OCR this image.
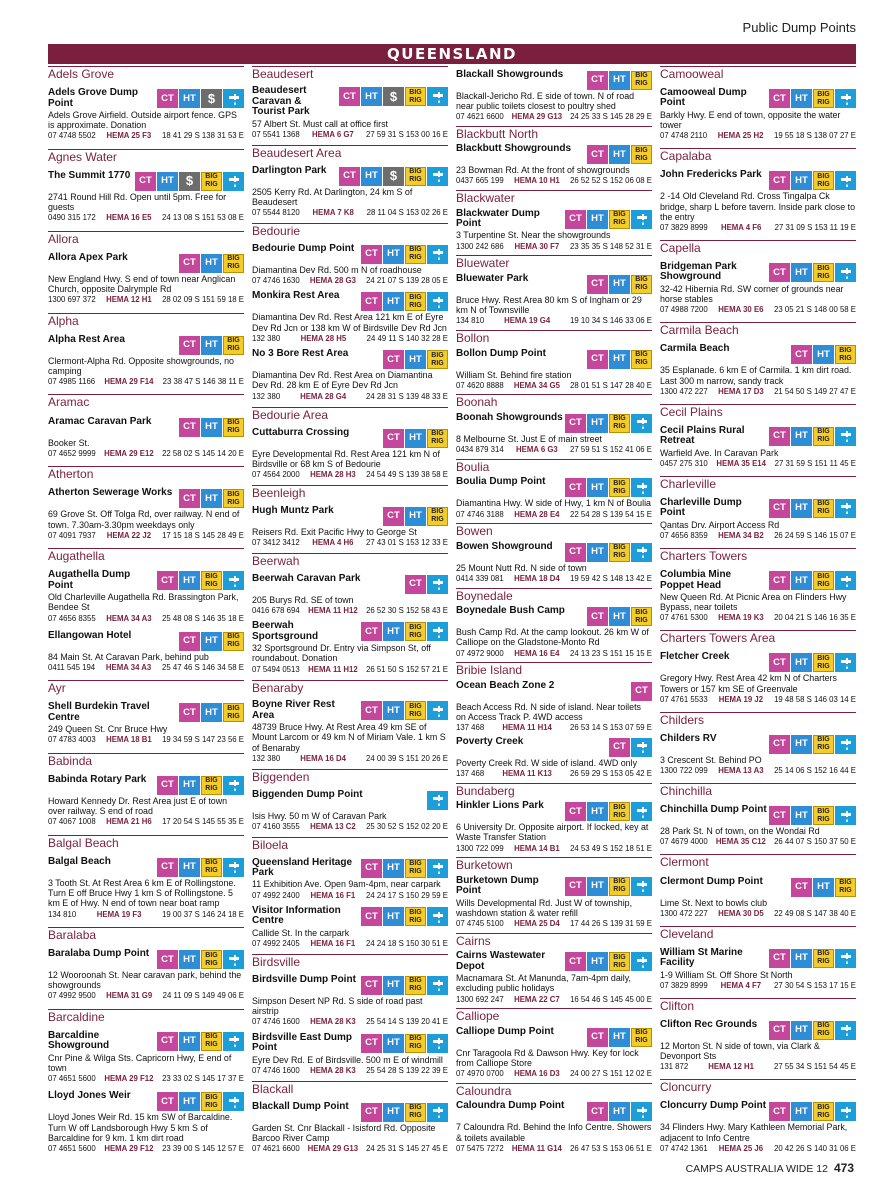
Public Dump Points
QUEENSLAND
Adels Grove
Adels Grove Dump Point	CT HT $
Adels Grove Airfield. Outside airport fence. GPS is approximate. Donation
07 4748 5502 HEMA 25 F3 18 41 29 S 138 31 53 E
Agnes Water
The Summit 1770 CT HT $	BIG
RIG
2741 Round Hill Rd. Open until 5pm. Free for guests
0490 315 172 HEMA 16 E5 24 13 08 S 151 53 08 E
Allora
Allora Apex Park	CT HT	BIG
RIG
New England Hwy. S end of town near Anglican Church, opposite Dalrymple Rd
1300 697 372 HEMA 12 H1 28 02 09 S 151 59 18 E
Alpha
Alpha Rest Area	CT HT	BIG
RIG
Clermont-Alpha Rd. Opposite showgrounds, no camping
07 4985 1166 HEMA 29 F14 23 38 47 S 146 38 11 E
Aramac
Aramac Caravan Park	CT HT	BIG
RIG
Booker St.
07 4652 9999 HEMA 29 E12 22 58 02 S 145 14 20 E
Atherton
Atherton Sewerage Works	CT HT	BIG
RIG
69 Grove St. Off Tolga Rd, over railway. N end of town. 7.30am-3.30pm weekdays only
07 4091 7937 HEMA 22 J2 17 15 18 S 145 28 49 E
Augathella
Augathella Dump Point	CT HT	BIG
RIG
Old Charleville Augathella Rd. Brassington Park, Bendee St
07 4656 8355 HEMA 34 A3 25 48 08 S 146 35 18 E
Ellangowan Hotel	CT HT	BIG
RIG
84 Main St. At Caravan Park, behind pub
0411 545 194 HEMA 34 A3 25 47 46 S 146 34 58 E
Ayr
Shell Burdekin Travel Centre	CT HT	BIG
RIG
249 Queen St. Cnr Bruce Hwy
07 4783 4003 HEMA 18 B1 19 34 59 S 147 23 56 E
Babinda
Babinda Rotary Park	CT HT	BIG
RIG
Howard Kennedy Dr. Rest Area just E of town over railway. S end of road
07 4067 1008 HEMA 21 H6 17 20 54 S 145 55 35 E
Balgal Beach
Balgal Beach	CT HT	BIG
RIG
3 Tooth St. At Rest Area 6 km E of Rollingstone. Turn E off Bruce Hwy 1 km S of Rollingstone. 5 km E of Hwy. N end of town near boat ramp
134 810	HEMA 19 F3	19 00 37 S 146 24 18 E
Baralaba
Baralaba Dump Point	CT HT	BIG
RIG
12 Wooroonah St. Near caravan park, behind the showgrounds
07 4992 9500 HEMA 31 G9 24 11 09 S 149 49 06 E
Barcaldine
Barcaldine Showground	CT HT	BIG
RIG
Cnr Pine & Wilga Sts. Capricorn Hwy, E end of town
07 4651 5600 HEMA 29 F12 23 33 02 S 145 17 37 E
Lloyd Jones Weir	CT HT	BIG
RIG
Lloyd Jones Weir Rd. 15 km SW of Barcaldine. Turn W off Landsborough Hwy 5 km S of Barcaldine for 9 km. 1 km dirt road
07 4651 5600 HEMA 29 F12 23 39 00 S 145 12 57 E
Beaudesert
Beaudesert Caravan & Tourist Park
CT HT $	BIG
RIG
57 Albert St. Must call at office first
07 5541 1368 HEMA 6 G7 27 59 31 S 153 00 16 E
Beaudesert Area
Darlington Park	CT HT $	BIG
RIG
2505 Kerry Rd. At Darlington, 24 km S of Beaudesert
07 5544 8120 HEMA 7 K8 28 11 04 S 153 02 26 E
Bedourie
Bedourie Dump Point	CT HT	BIG
RIG
Diamantina Dev Rd. 500 m N of roadhouse
07 4746 1630 HEMA 28 G3 24 21 07 S 139 28 05 E
Monkira Rest Area	CT HT	BIG
RIG
Diamantina Dev Rd. Rest Area 121 km E of Eyre Dev Rd Jcn or 138 km W of Birdsville Dev Rd Jcn
132 380	HEMA 28 H5	24 49 11 S 140 32 28 E
No 3 Bore Rest Area	CT HT	BIG
RIG
Diamantina Dev Rd. Rest Area on Diamantina Dev Rd. 28 km E of Eyre Dev Rd Jcn
132 380	HEMA 28 G4	24 28 31 S 139 48 33 E
Bedourie Area
Cuttaburra Crossing	CT HT	BIG
RIG
Eyre Developmental Rd. Rest Area 121 km N of Birdsville or 68 km S of Bedourie
07 4564 2000 HEMA 28 H3 24 54 49 S 139 38 58 E
Beenleigh
Hugh Muntz Park	CT HT	BIG
RIG
Reisers Rd. Exit Pacific Hwy to George St
07 3412 3412 HEMA 4 H6 27 43 01 S 153 12 33 E
Beerwah
Beerwah Caravan Park	CT
205 Burys Rd. SE of town
0416 678 694 HEMA 11 H12 26 52 30 S 152 58 43 E
Beerwah Sportsground	CT HT	BIG
RIG
32 Sportsground Dr. Entry via Simpson St, off roundabout. Donation
07 5494 0513 HEMA 11 H12 26 51 50 S 152 57 21 E
Benaraby
Boyne River Rest Area	CT HT	BIG
RIG
48739 Bruce Hwy. At Rest Area 49 km SE of Mount Larcom or 49 km N of Miriam Vale. 1 km S of Benaraby
132 380	HEMA 16 D4	24 00 39 S 151 20 26 E
Biggenden
Biggenden Dump Point
Isis Hwy. 50 m W of Caravan Park
07 4160 3555 HEMA 13 C2 25 30 52 S 152 02 20 E
Biloela
Queensland Heritage Park	CT HT	BIG
RIG
11 Exhibition Ave. Open 9am-4pm, near carpark
07 4992 2400 HEMA 16 F1 24 24 17 S 150 29 59 E
Visitor Information Centre	CT HT	BIG
RIG
Callide St. In the carpark
07 4992 2405 HEMA 16 F1 24 24 18 S 150 30 51 E
Birdsville
Birdsville Dump Point CT HT	BIG
RIG
Simpson Desert NP Rd. S side of road past airstrip
07 4746 1600 HEMA 28 K3 25 54 14 S 139 20 41 E
Birdsville East Dump Point	CT HT	BIG
RIG
Eyre Dev Rd. E of Birdsville. 500 m E of windmill
07 4746 1600 HEMA 28 K3 25 54 28 S 139 22 39 E
Blackall
Blackall Dump Point	CT HT	BIG
RIG
Garden St. Cnr Blackall - Isisford Rd. Opposite Barcoo River Camp
07 4621 6600 HEMA 29 G13 24 25 31 S 145 27 45 E
Blackall Showgrounds	CT HT	BIG
RIG
Blackall-Jericho Rd. E side of town. N of road near public toilets closest to poultry shed
07 4621 6600 HEMA 29 G13 24 25 33 S 145 28 29 E
Blackbutt North
Blackbutt Showgrounds	CT HT	BIG
RIG
23 Bowman Rd. At the front of showgrounds
0437 665 199 HEMA 10 H1 26 52 52 S 152 06 08 E
Blackwater
Blackwater Dump Point	CT HT	BIG
RIG
3 Turpentine St. Near the showgrounds
1300 242 686 HEMA 30 F7 23 35 35 S 148 52 31 E
Bluewater
Bluewater Park	CT HT	BIG
RIG
Bruce Hwy. Rest Area 80 km S of Ingham or 29 km N of Townsville
134 810	HEMA 19 G4	19 10 34 S 146 33 06 E
Bollon
Bollon Dump Point	CT HT	BIG
RIG
William St. Behind fire station
07 4620 8888 HEMA 34 G5 28 01 51 S 147 28 40 E
Boonah
Boonah Showgrounds CT HT	BIG
RIG
8 Melbourne St. Just E of main street
0434 879 314 HEMA 6 G3 27 59 51 S 152 41 06 E
Boulia
Boulia Dump Point	CT HT	BIG
RIG
Diamantina Hwy. W side of Hwy, 1 km N of Boulia
07 4746 3188 HEMA 28 E4 22 54 28 S 139 54 15 E
Bowen
Bowen Showground	CT HT	BIG
RIG
25 Mount Nutt Rd. N side of town
0414 339 081 HEMA 18 D4 19 59 42 S 148 13 42 E
Boynedale
Boynedale Bush Camp	CT HT	BIG
RIG
Bush Camp Rd. At the camp lookout. 26 km W of Calliope on the Gladstone-Monto Rd
07 4972 9000 HEMA 16 E4 24 13 23 S 151 15 15 E
Bribie Island
Ocean Beach Zone 2	CT
Beach Access Rd. N side of island. Near toilets on Access Track P. 4WD access
137 468 HEMA 11 H14 26 53 14 S 153 07 59 E
Poverty Creek	CT
Poverty Creek Rd. W side of island. 4WD only
137 468 HEMA 11 K13 26 59 29 S 153 05 42 E
Bundaberg
Hinkler Lions Park	CT HT	BIG
RIG
6 University Dr. Opposite airport. If locked, key at Waste Transfer Station
1300 722 099 HEMA 14 B1 24 53 49 S 152 18 51 E
Burketown
Burketown Dump Point	CT HT	BIG
RIG
Wills Developmental Rd. Just W of township, washdown station & water refill
07 4745 5100 HEMA 25 D4 17 44 26 S 139 31 59 E
Cairns
Cairns Wastewater Depot	CT HT	BIG
RIG
Macnamara St. At Manunda, 7am-4pm daily, excluding public holidays
1300 692 247 HEMA 22 C7 16 54 46 S 145 45 00 E
Calliope
Calliope Dump Point	CT HT	BIG
RIG
Cnr Taragoola Rd & Dawson Hwy. Key for lock from Calliope Store
07 4970 0700 HEMA 16 D3 24 00 27 S 151 12 02 E
Caloundra
Caloundra Dump Point	CT HT
7 Caloundra Rd. Behind the Info Centre. Showers & toilets available
07 5475 7272 HEMA 11 G14 26 47 53 S 153 06 51 E
Camooweal
Camooweal Dump Point	CT HT	BIG
RIG
Barkly Hwy. E end of town, opposite the water tower
07 4748 2110 HEMA 25 H2 19 55 18 S 138 07 27 E
Capalaba
John Fredericks Park	CT HT	BIG
RIG
2 -14 Old Cleveland Rd. Cross Tingalpa Ck bridge, sharp L before tavern. Inside park close to the entry
07 3829 8999 HEMA 4 F6 27 31 09 S 153 11 19 E
Capella
Bridgeman Park Showground	CT HT	BIG
RIG
32-42 Hibernia Rd. SW corner of grounds near horse stables
07 4988 7200 HEMA 30 E6 23 05 21 S 148 00 58 E
Carmila Beach
Carmila Beach	CT HT	BIG
RIG
35 Esplanade. 6 km E of Carmila. 1 km dirt road. Last 300 m narrow, sandy track
1300 472 227 HEMA 17 D3 21 54 50 S 149 27 47 E
Cecil Plains
Cecil Plains Rural Retreat	CT HT	BIG
RIG
Warfield Ave. In Caravan Park
0457 275 310 HEMA 35 E14 27 31 59 S 151 11 45 E
Charleville
Charleville Dump Point	CT HT	BIG
RIG
Qantas Drv. Airport Access Rd
07 4656 8359 HEMA 34 B2 26 24 59 S 146 15 07 E
Charters Towers
Columbia Mine Poppet Head	CT HT	BIG
RIG
New Queen Rd. At Picnic Area on Flinders Hwy Bypass, near toilets
07 4761 5300 HEMA 19 K3 20 04 21 S 146 16 35 E
Charters Towers Area
Fletcher Creek	CT HT	BIG
RIG
Gregory Hwy. Rest Area 42 km N of Charters Towers or 157 km SE of Greenvale
07 4761 5533 HEMA 19 J2 19 48 58 S 146 03 14 E
Childers
Childers RV	CT HT	BIG
RIG
3 Crescent St. Behind PO
1300 722 099 HEMA 13 A3 25 14 06 S 152 16 44 E
Chinchilla
Chinchilla Dump Point CT HT	BIG
RIG
28 Park St. N of town, on the Wondai Rd
07 4679 4000 HEMA 35 C12 26 44 07 S 150 37 50 E
Clermont
Clermont Dump Point	CT HT	BIG
RIG
Lime St. Next to bowls club
1300 472 227 HEMA 30 D5 22 49 08 S 147 38 40 E
Cleveland
William St Marine Facility	CT HT	BIG
RIG
1-9 William St. Off Shore St North
07 3829 8999 HEMA 4 F7 27 30 54 S 153 17 15 E
Clifton
Clifton Rec Grounds	CT HT	BIG
RIG
12 Morton St. N side of town, via Clark & Devonport Sts
131 872	HEMA 12 H1	27 55 34 S 151 54 45 E
Cloncurry
Cloncurry Dump Point CT HT	BIG
RIG
34 Flinders Hwy. Mary Kathleen Memorial Park, adjacent to Info Centre
07 4742 1361 HEMA 25 J6 20 42 26 S 140 31 06 E
CAMPS AUSTRALIA WIDE 12 473
